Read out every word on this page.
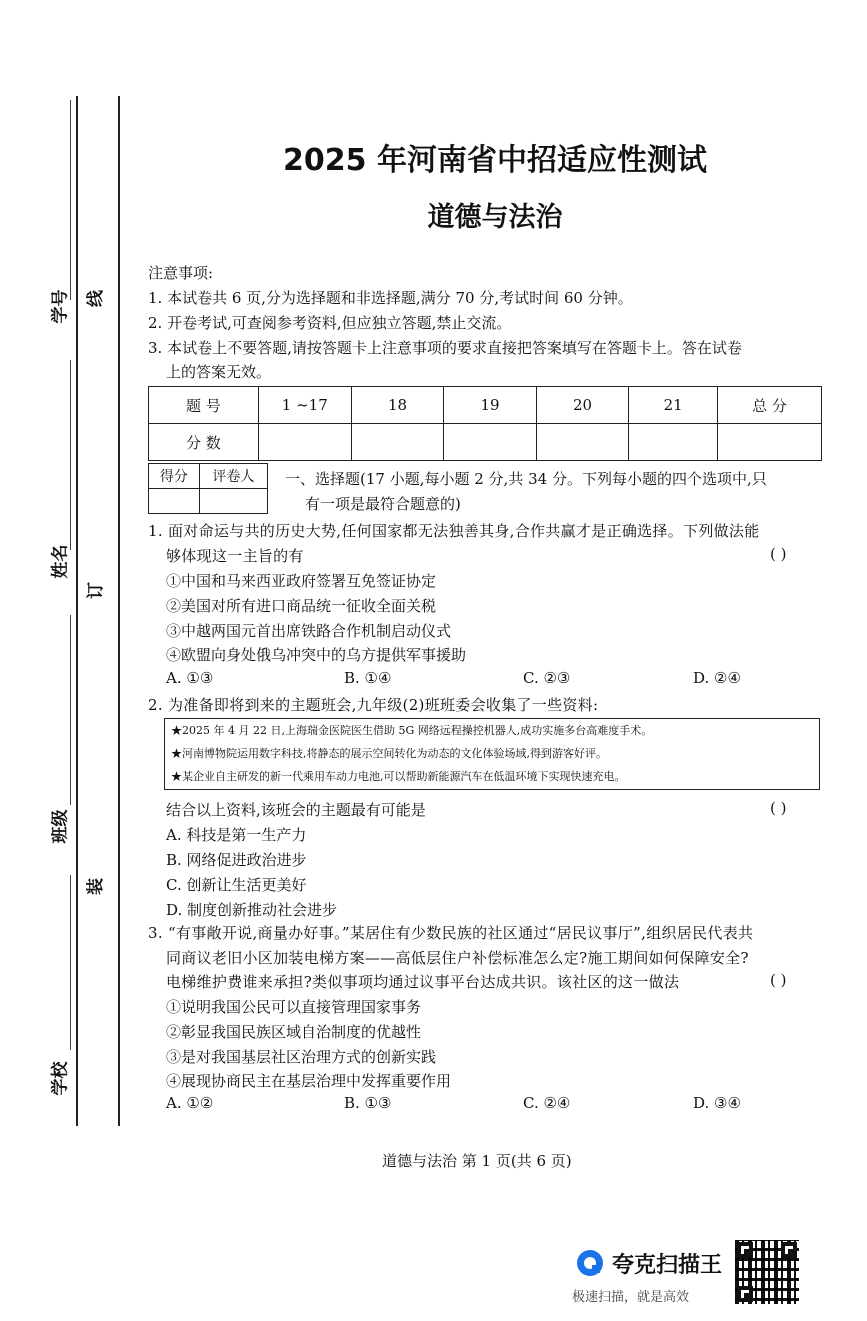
学号
姓名
班级
学校
线
订
装
2025 年河南省中招适应性测试
道德与法治
注意事项:
1. 本试卷共 6 页,分为选择题和非选择题,满分 70 分,考试时间 60 分钟。
2. 开卷考试,可查阅参考资料,但应独立答题,禁止交流。
3. 本试卷上不要答题,请按答题卡上注意事项的要求直接把答案填写在答题卡上。答在试卷
上的答案无效。
题 号	1 ~17	18	19	20	21	总 分
分 数						
得分	评卷人
	一、选择题(17 小题,每小题 2 分,共 34 分。下列每小题的四个选项中,只
有一项是最符合题意的)
1. 面对命运与共的历史大势,任何国家都无法独善其身,合作共赢才是正确选择。下列做法能
够体现这一主旨的有	( )
①中国和马来西亚政府签署互免签证协定
②美国对所有进口商品统一征收全面关税
③中越两国元首出席铁路合作机制启动仪式
④欧盟向身处俄乌冲突中的乌方提供军事援助
A. ①③	B. ①④	C. ②③	D. ②④
2. 为准备即将到来的主题班会,九年级(2)班班委会收集了一些资料:
★2025 年 4 月 22 日,上海瑞金医院医生借助 5G 网络远程操控机器人,成功实施多台高难度手术。
★河南博物院运用数字科技,将静态的展示空间转化为动态的文化体验场域,得到游客好评。
★某企业自主研发的新一代乘用车动力电池,可以帮助新能源汽车在低温环境下实现快速充电。
结合以上资料,该班会的主题最有可能是	( )
A. 科技是第一生产力
B. 网络促进政治进步
C. 创新让生活更美好
D. 制度创新推动社会进步
3. “有事敞开说,商量办好事。”某居住有少数民族的社区通过“居民议事厅”,组织居民代表共
同商议老旧小区加装电梯方案——高低层住户补偿标准怎么定?施工期间如何保障安全?
电梯维护费谁来承担?类似事项均通过议事平台达成共识。该社区的这一做法	( )
①说明我国公民可以直接管理国家事务
②彰显我国民族区域自治制度的优越性
③是对我国基层社区治理方式的创新实践
④展现协商民主在基层治理中发挥重要作用
A. ①②	B. ①③	C. ②④	D. ③④
道德与法治 第 1 页(共 6 页)
夸克扫描王
极速扫描，就是高效
